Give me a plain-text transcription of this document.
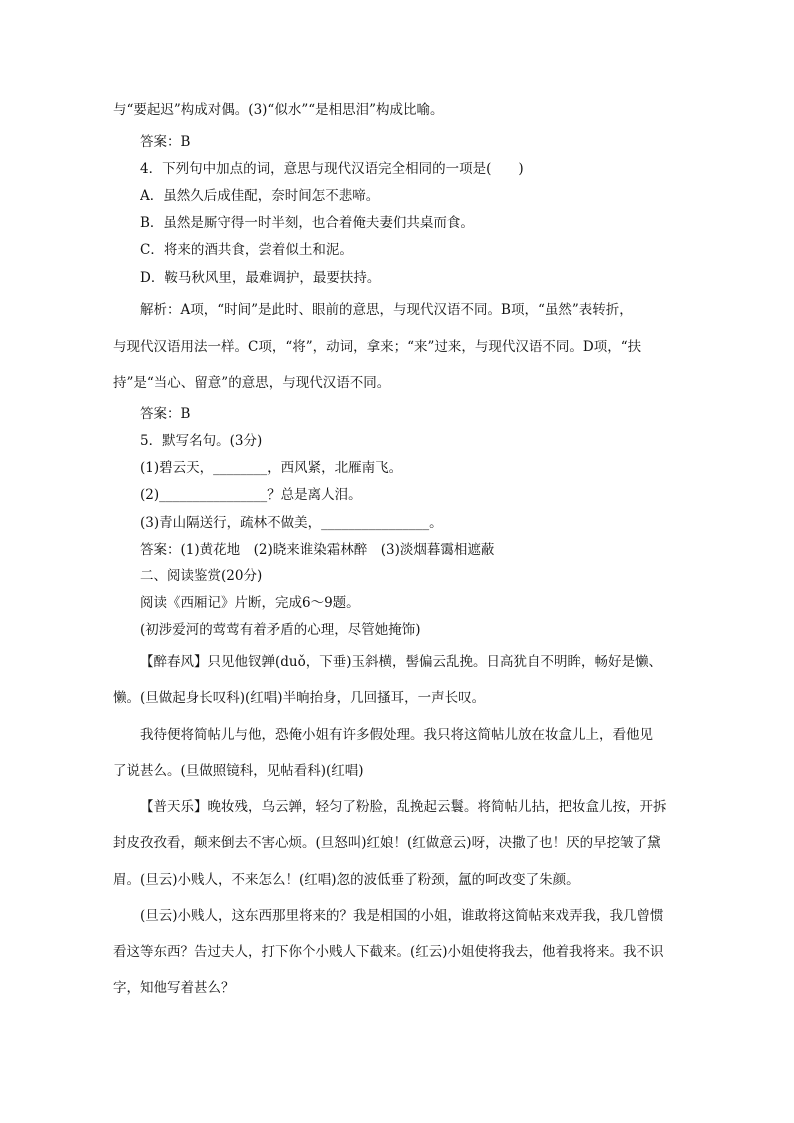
与“要起迟”构成对偶。(3)“似水”“是相思泪”构成比喻。
答案：B
4．下列句中加点的词，意思与现代汉语完全相同的一项是(　　)
A．虽然久后成佳配，奈时间怎不悲啼。
B．虽然是厮守得一时半刻，也合着俺夫妻们共桌而食。
C．将来的酒共食，尝着似土和泥。
D．鞍马秋风里，最难调护，最要扶持。
解析：A项，“时间”是此时、眼前的意思，与现代汉语不同。B项，“虽然”表转折，
与现代汉语用法一样。C项，“将”，动词，拿来；“来”过来，与现代汉语不同。D项，“扶
持”是“当心、留意”的意思，与现代汉语不同。
答案：B
5．默写名句。(3分)
(1)碧云天，________，西风紧，北雁南飞。
(2)________________？总是离人泪。
(3)青山隔送行，疏林不做美，________________。
答案：(1)黄花地　(2)晓来谁染霜林醉　(3)淡烟暮霭相遮蔽
二、阅读鉴赏(20分)
阅读《西厢记》片断，完成6～9题。
(初涉爱河的莺莺有着矛盾的心理，尽管她掩饰)
【醉春风】只见他钗亸(duǒ，下垂)玉斜横，髻偏云乱挽。日高犹自不明眸，畅好是懒、
懒。(旦做起身长叹科)(红唱)半晌抬身，几回搔耳，一声长叹。
我待便将简帖儿与他，恐俺小姐有许多假处理。我只将这简帖儿放在妆盒儿上，看他见
了说甚么。(旦做照镜科，见帖看科)(红唱)
【普天乐】晚妆残，乌云亸，轻匀了粉脸，乱挽起云鬟。将简帖儿拈，把妆盒儿按，开拆
封皮孜孜看，颠来倒去不害心烦。(旦怒叫)红娘！(红做意云)呀，决撒了也！厌的早挖皱了黛
眉。(旦云)小贱人，不来怎么！(红唱)忽的波低垂了粉颈，氲的呵改变了朱颜。
(旦云)小贱人，这东西那里将来的？我是相国的小姐，谁敢将这简帖来戏弄我，我几曾惯
看这等东西？告过夫人，打下你个小贱人下截来。(红云)小姐使将我去，他着我将来。我不识
字，知他写着甚么？
